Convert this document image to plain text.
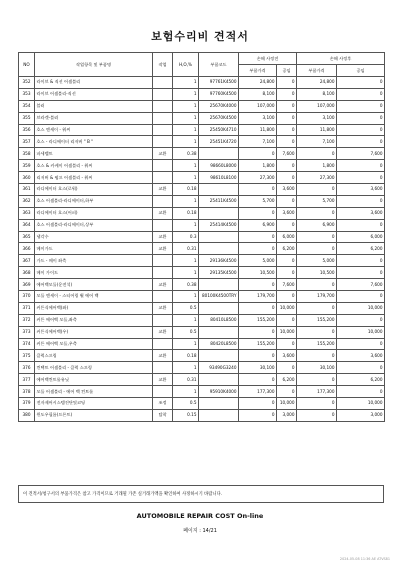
보험수리비 견적서
NO	작업항목 및 부품명	작업	H,O,%	부품코드	손해 사정전		손해 사정후	
					부품가격	공임	부품가격	공임
352	라이브 & 직선 어셈블리		1	97761K4500	24,800	0	24,800	0
353	라이브 어셈블리-직선		1	97760K4500	8,100	0	8,100	0
354	블러		1	25670K4000	107,000	0	107,000	0
355	브라켓-블러		1	25670K4500	3,100	0	3,100	0
356	호스 엔세이 - 워씨		1	25450K4710	11,800	0	11,800	0
357	호스 - 라디에이터 리저버 " B "		1	25451K4720	7,100	0	7,100	0
358	파세벨트	교환	0.38		0	7,600	0	7,600
359	호스 & 카케이 어셈블리 - 워씨		1	98660L8000	1,800	0	1,800	0
360	리저버 & 펌프 어셈블리 - 워씨		1	98610L8100	27,300	0	27,300	0
361	라디에이터 호스(로워)	교환	0.18		0	3,600	0	3,600
362	호스 어셈블리-라디에이터,하부		1	25411K4500	5,700	0	5,700	0
363	라디에이터 호스(어퍼)	교환	0.18		0	3,600	0	3,600
364	호스 어셈블리-라디에이터,상부		1	25414K4500	6,900	0	6,900	0
365	냉각수	교환	0.3		0	6,000	0	6,000
366	메이가드	교환	0.31		0	6,200	0	6,200
367	가드 - 메이 좌측		1	29136K4500	5,000	0	5,000	0
368	메이 가이드		1	29135K4500	10,500	0	10,500	0
369	에어백모듈(운전석)	교환	0.38		0	7,600	0	7,600
370	모듈 엔세이 - 스티어링 휠 에어 백		1	80100K4500TRY	179,700	0	179,700	0
371	커튼식에어백(좌)	교환	0.5		0	10,000	0	10,000
372	커튼 에어백 모듈,좌측		1	80410L8500	155,200	0	155,200	0
373	커튼식에어백(우)	교환	0.5		0	10,000	0	10,000
374	커튼 에어백 모듈,우측		1	80420L8500	155,200	0	155,200	0
375	클럭스프링	교환	0.18		0	3,600	0	3,600
376	컨택트 어셈블리 - 클럭 스프링		1	93490G3240	30,100	0	30,100	0
377	에어백컨트롤유닛	교환	0.31		0	6,200	0	6,200
378	모듈 어셈블리 - 에어 백 컨트롤		1	95910K4000	177,300	0	177,300	0
379	전자제어시스템진단및코딩	조정	0.5		0	10,000	0	10,000
380	윈도우필름(프론트)	탈착	0.15		0	3,000	0	3,000
이 견적서/청구서의 부품가격은 참고 가격이므로 거래될 가존 실거래가액을 확인하여 사정하시기 바랍니다.
AUTOMOBILE REPAIR COST On-line
페이지 : 14/21
2024-05-08 11:36 AE ATVS81
